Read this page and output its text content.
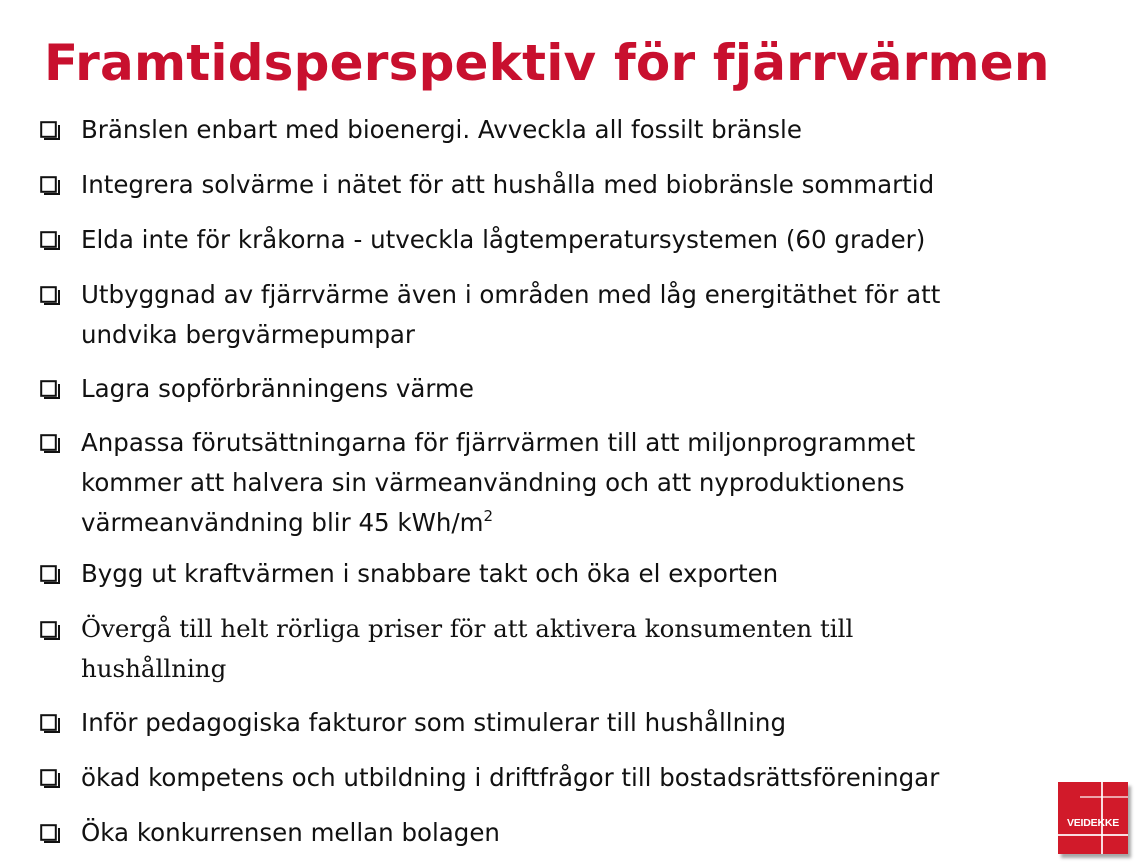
Framtidsperspektiv för fjärrvärmen
Bränslen enbart med bioenergi. Avveckla all fossilt bränsle
Integrera solvärme i nätet för att hushålla med biobränsle sommartid
Elda inte för kråkorna - utveckla lågtemperatursystemen (60 grader)
Utbyggnad av fjärrvärme även i områden med låg energitäthet för att
undvika bergvärmepumpar
Lagra sopförbränningens värme
Anpassa förutsättningarna för fjärrvärmen till att miljonprogrammet
kommer att halvera sin värmeanvändning och att nyproduktionens
värmeanvändning blir 45 kWh/$m^2$
Bygg ut kraftvärmen i snabbare takt och öka el exporten
Övergå till helt rörliga priser för att aktivera konsumenten till
hushållning
Inför pedagogiska fakturor som stimulerar till hushållning
ökad kompetens och utbildning i driftfrågor till bostadsrättsföreningar
Öka konkurrensen mellan bolagen	VEIDEKKE
